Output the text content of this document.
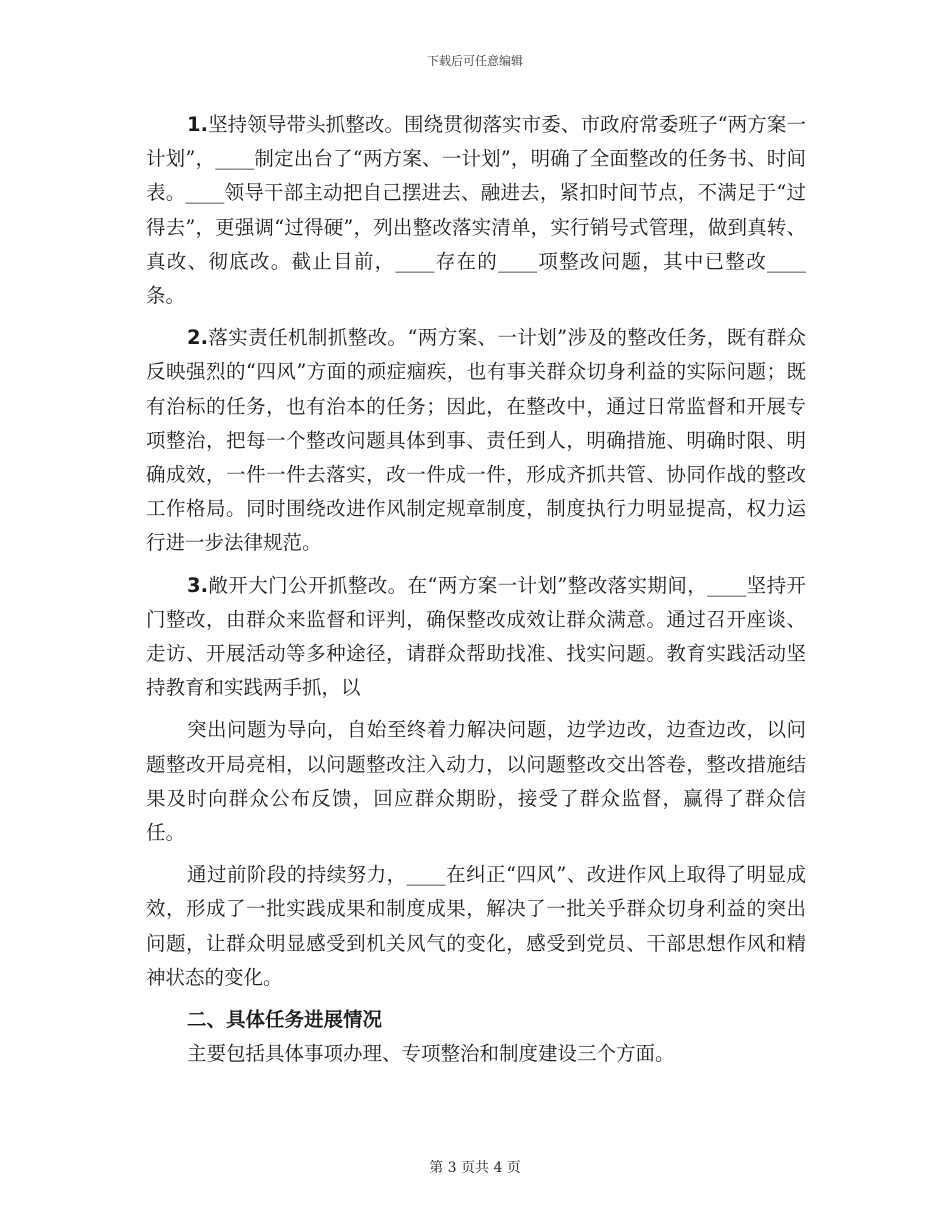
下载后可任意编辑

1.坚持领导带头抓整改。围绕贯彻落实市委、市政府常委班子“两方案一计划”，____制定出台了“两方案、一计划”，明确了全面整改的任务书、时间表。____领导干部主动把自己摆进去、融进去，紧扣时间节点，不满足于“过得去”，更强调“过得硬”，列出整改落实清单，实行销号式管理，做到真转、真改、彻底改。截止目前，____存在的____项整改问题，其中已整改____条。

2.落实责任机制抓整改。“两方案、一计划”涉及的整改任务，既有群众反映强烈的“四风”方面的顽症痼疾，也有事关群众切身利益的实际问题；既有治标的任务，也有治本的任务；因此，在整改中，通过日常监督和开展专项整治，把每一个整改问题具体到事、责任到人，明确措施、明确时限、明确成效，一件一件去落实，改一件成一件，形成齐抓共管、协同作战的整改工作格局。同时围绕改进作风制定规章制度，制度执行力明显提高，权力运行进一步法律规范。

3.敞开大门公开抓整改。在“两方案一计划”整改落实期间，____坚持开门整改，由群众来监督和评判，确保整改成效让群众满意。通过召开座谈、走访、开展活动等多种途径，请群众帮助找准、找实问题。教育实践活动坚持教育和实践两手抓，以

突出问题为导向，自始至终着力解决问题，边学边改，边查边改，以问题整改开局亮相，以问题整改注入动力，以问题整改交出答卷，整改措施结果及时向群众公布反馈，回应群众期盼，接受了群众监督，赢得了群众信任。

通过前阶段的持续努力，____在纠正“四风”、改进作风上取得了明显成效，形成了一批实践成果和制度成果，解决了一批关乎群众切身利益的突出问题，让群众明显感受到机关风气的变化，感受到党员、干部思想作风和精神状态的变化。

二、具体任务进展情况

主要包括具体事项办理、专项整治和制度建设三个方面。

第 3 页共 4 页
